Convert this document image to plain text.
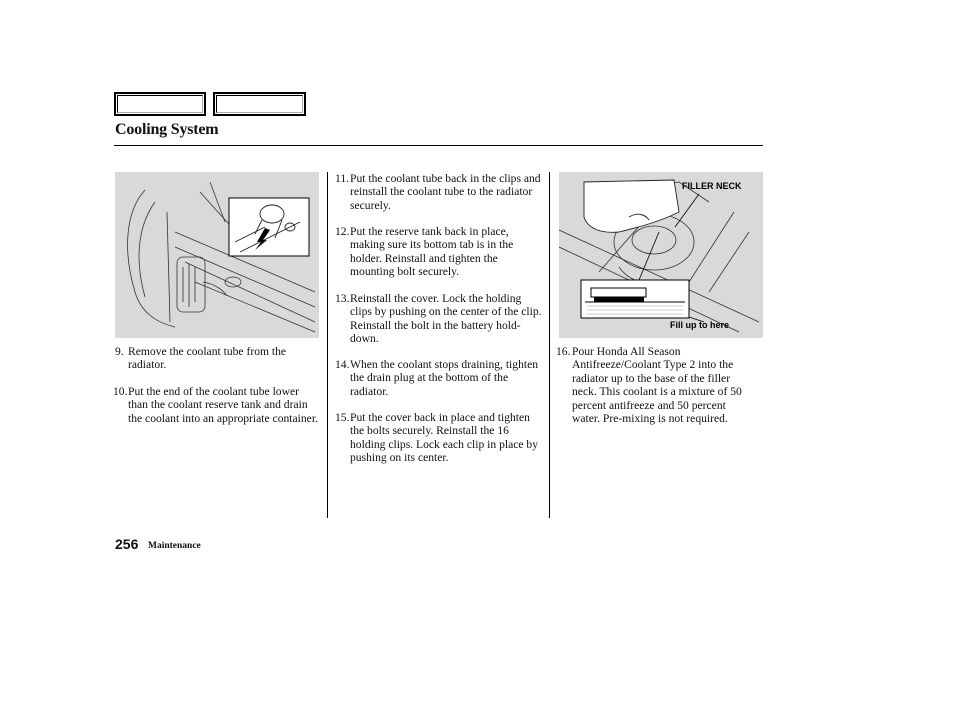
Cooling System
FILLER NECK
Fill up to here
9. Remove the coolant tube from the radiator.
10. Put the end of the coolant tube lower than the coolant reserve tank and drain the coolant into an appropriate container.
11. Put the coolant tube back in the clips and reinstall the coolant tube to the radiator securely.
12. Put the reserve tank back in place, making sure its bottom tab is in the holder. Reinstall and tighten the mounting bolt securely.
13. Reinstall the cover. Lock the holding clips by pushing on the center of the clip. Reinstall the bolt in the battery hold-down.
14. When the coolant stops draining, tighten the drain plug at the bottom of the radiator.
15. Put the cover back in place and tighten the bolts securely. Reinstall the 16 holding clips. Lock each clip in place by pushing on its center.
16. Pour Honda All Season Antifreeze/Coolant Type 2 into the radiator up to the base of the filler neck. This coolant is a mixture of 50 percent antifreeze and 50 percent water. Pre-mixing is not required.
256 Maintenance
